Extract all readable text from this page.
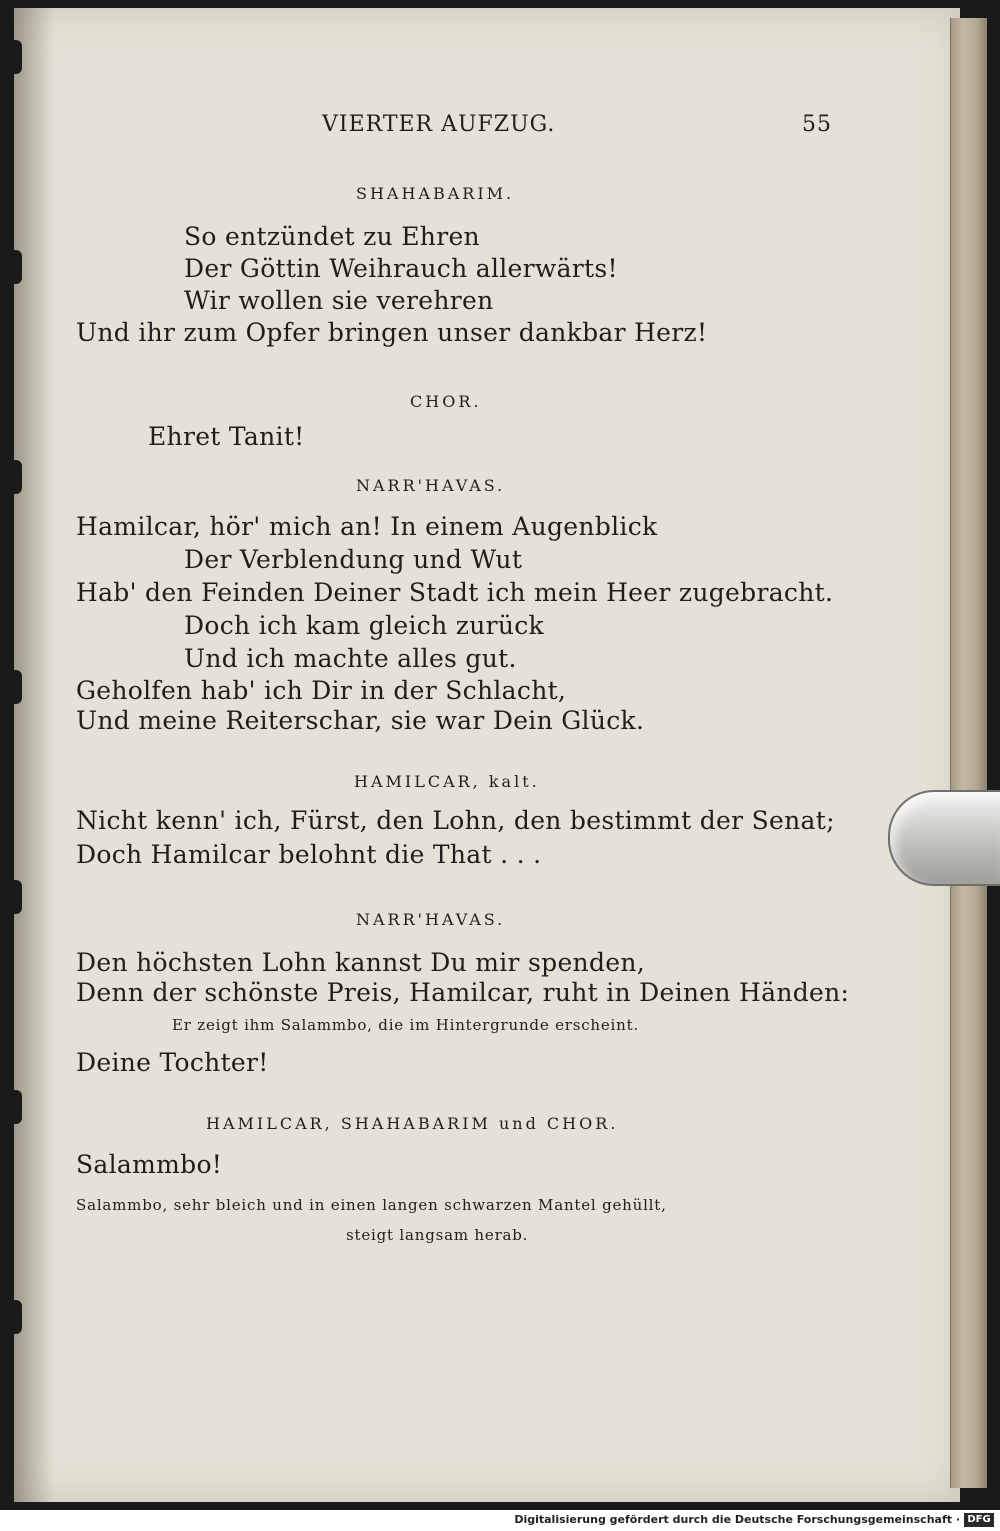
VIERTER AUFZUG.	55

SHAHABARIM.

So entzündet zu Ehren

Der Göttin Weihrauch allerwärts!

Wir wollen sie verehren

Und ihr zum Opfer bringen unser dankbar Herz!

CHOR.

Ehret Tanit!

NARR'HAVAS.

Hamilcar, hör' mich an! In einem Augenblick

Der Verblendung und Wut

Hab' den Feinden Deiner Stadt ich mein Heer zugebracht.

Doch ich kam gleich zurück

Und ich machte alles gut.

Geholfen hab' ich Dir in der Schlacht,

Und meine Reiterschar, sie war Dein Glück.

HAMILCAR, kalt.

Nicht kenn' ich, Fürst, den Lohn, den bestimmt der Senat;

Doch Hamilcar belohnt die That . . .

NARR'HAVAS.

Den höchsten Lohn kannst Du mir spenden,

Denn der schönste Preis, Hamilcar, ruht in Deinen Händen:

Er zeigt ihm Salammbo, die im Hintergrunde erscheint.

Deine Tochter!

HAMILCAR, SHAHABARIM und CHOR.

Salammbo!

Salammbo, sehr bleich und in einen langen schwarzen Mantel gehüllt,

steigt langsam herab.

Digitalisierung gefördert durch die Deutsche Forschungsgemeinschaft · DFG
